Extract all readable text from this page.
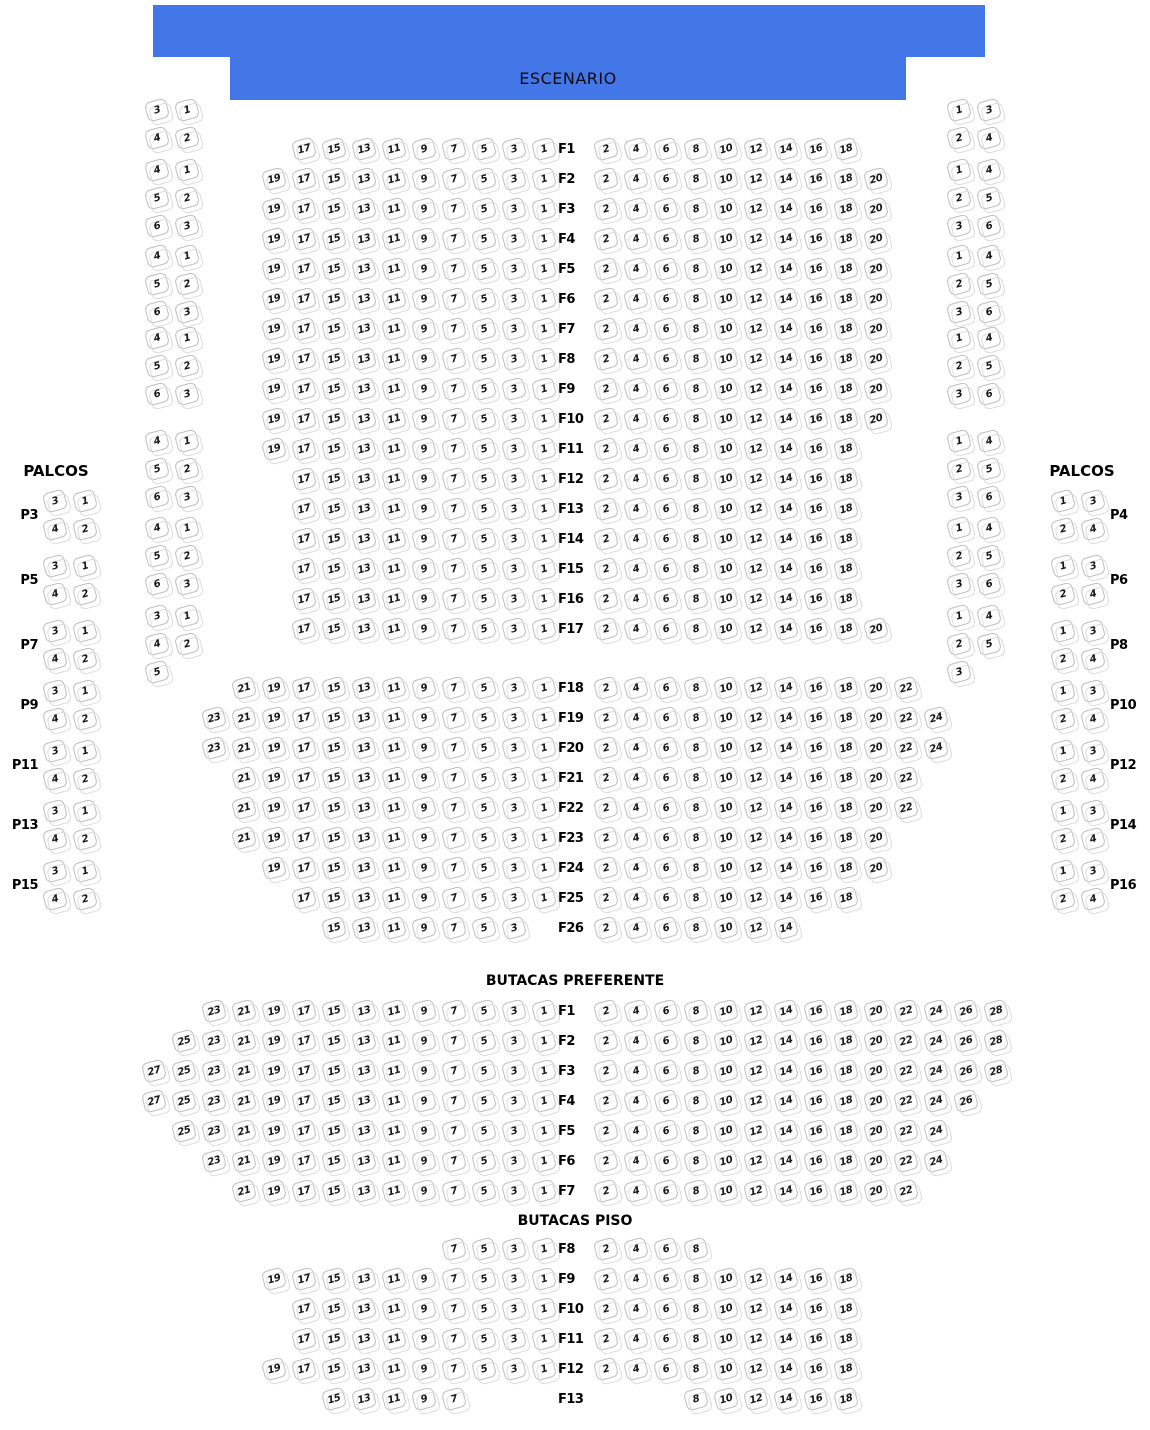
ESCENARIO
3	1
4	2
4	1
5	2
6	3
4	1
5	2
6	3
4	1
5	2
6	3
4	1
5	2
6	3
4	1
5	2
6	3
3	1
4	2
5
1	3
2	4
1	4
2	5
3	6
1	4
2	5
3	6
1	4
2	5
3	6
1	4
2	5
3	6
1	4
2	5
3	6
1	4
2	5
3
PALCOS
P3
3	1
4	2
P5
3	1
4	2
P7
3	1
4	2
P9
3	1
4	2
P11
3	1
4	2
P13
3	1
4	2
P15
3	1
4	2
PALCOS
1	3
2	4
P4
1	3
2	4
P6
1	3
2	4
P8
1	3
2	4
P10
1	3
2	4
P12
1	3
2	4
P14
1	3
2	4
P16
17	15	13	11	9	7	5	3	1 F1	2	4	6	8	10	12	14	16	18
19	17	15	13	11	9	7	5	3	1 F2	2	4	6	8	10	12	14	16	18	20
19	17	15	13	11	9	7	5	3	1 F3	2	4	6	8	10	12	14	16	18	20
19	17	15	13	11	9	7	5	3	1 F4	2	4	6	8	10	12	14	16	18	20
19	17	15	13	11	9	7	5	3	1 F5	2	4	6	8	10	12	14	16	18	20
19	17	15	13	11	9	7	5	3	1 F6	2	4	6	8	10	12	14	16	18	20
19	17	15	13	11	9	7	5	3	1 F7	2	4	6	8	10	12	14	16	18	20
19	17	15	13	11	9	7	5	3	1 F8	2	4	6	8	10	12	14	16	18	20
19	17	15	13	11	9	7	5	3	1 F9	2	4	6	8	10	12	14	16	18	20
19	17	15	13	11	9	7	5	3	1 F10	2	4	6	8	10	12	14	16	18	20
19	17	15	13	11	9	7	5	3	1 F11	2	4	6	8	10	12	14	16	18
17	15	13	11	9	7	5	3	1 F12	2	4	6	8	10	12	14	16	18
17	15	13	11	9	7	5	3	1 F13	2	4	6	8	10	12	14	16	18
17	15	13	11	9	7	5	3	1 F14	2	4	6	8	10	12	14	16	18
17	15	13	11	9	7	5	3	1 F15	2	4	6	8	10	12	14	16	18
17	15	13	11	9	7	5	3	1 F16	2	4	6	8	10	12	14	16	18
17	15	13	11	9	7	5	3	1 F17	2	4	6	8	10	12	14	16	18	20
21	19	17	15	13	11	9	7	5	3	1 F18	2	4	6	8	10	12	14	16	18	20	22
23	21	19	17	15	13	11	9	7	5	3	1 F19	2	4	6	8	10	12	14	16	18	20	22	24
23	21	19	17	15	13	11	9	7	5	3	1 F20	2	4	6	8	10	12	14	16	18	20	22	24
21	19	17	15	13	11	9	7	5	3	1 F21	2	4	6	8	10	12	14	16	18	20	22
21	19	17	15	13	11	9	7	5	3	1 F22	2	4	6	8	10	12	14	16	18	20	22
21	19	17	15	13	11	9	7	5	3	1 F23	2	4	6	8	10	12	14	16	18	20
19	17	15	13	11	9	7	5	3	1 F24	2	4	6	8	10	12	14	16	18	20
17	15	13	11	9	7	5	3	1 F25	2	4	6	8	10	12	14	16	18
15	13	11	9	7	5	3	F26	2	4	6	8	10	12	14
BUTACAS PREFERENTE
23	21	19	17	15	13	11	9	7	5	3	1 F1	2	4	6	8	10	12	14	16	18	20	22	24	26	28
25	23	21	19	17	15	13	11	9	7	5	3	1 F2	2	4	6	8	10	12	14	16	18	20	22	24	26	28
27	25	23	21	19	17	15	13	11	9	7	5	3	1 F3	2	4	6	8	10	12	14	16	18	20	22	24	26	28
27	25	23	21	19	17	15	13	11	9	7	5	3	1 F4	2	4	6	8	10	12	14	16	18	20	22	24	26
25	23	21	19	17	15	13	11	9	7	5	3	1 F5	2	4	6	8	10	12	14	16	18	20	22	24
23	21	19	17	15	13	11	9	7	5	3	1 F6	2	4	6	8	10	12	14	16	18	20	22	24
21	19	17	15	13	11	9	7	5	3	1 F7	2	4	6	8	10	12	14	16	18	20	22
BUTACAS PISO
7	5	3	1 F8	2	4	6	8
19	17	15	13	11	9	7	5	3	1 F9	2	4	6	8	10	12	14	16	18
17	15	13	11	9	7	5	3	1 F10	2	4	6	8	10	12	14	16	18
17	15	13	11	9	7	5	3	1 F11	2	4	6	8	10	12	14	16	18
19	17	15	13	11	9	7	5	3	1 F12	2	4	6	8	10	12	14	16	18
15	13	11	9	7	F13	8	10	12	14	16	18
